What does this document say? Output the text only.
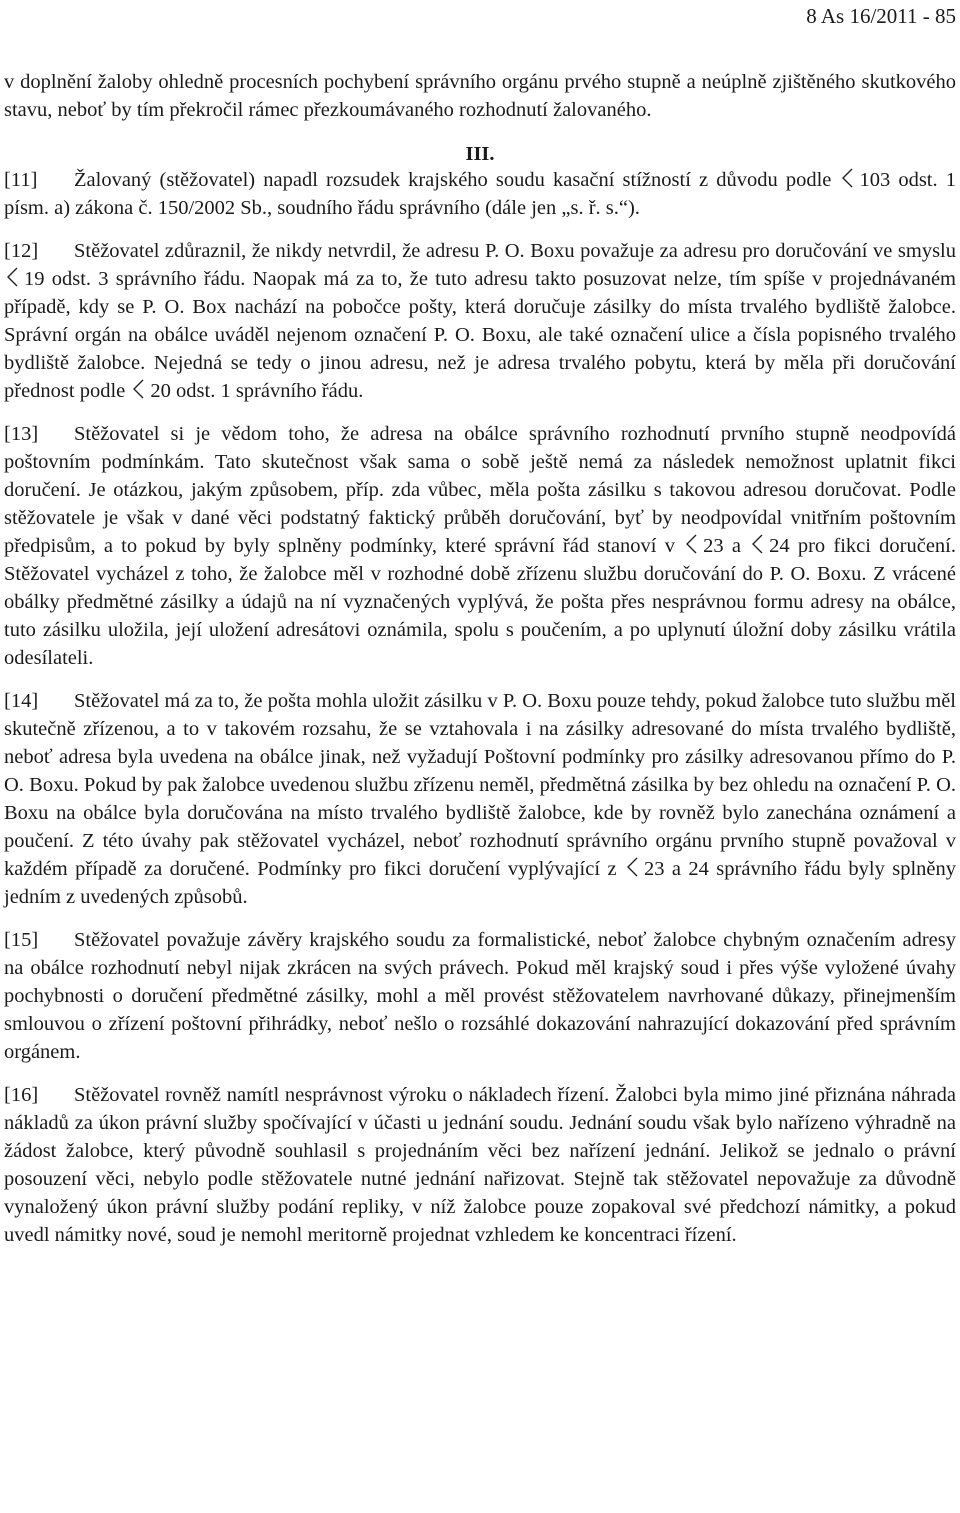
8 As 16/2011 - 85

v doplnění žaloby ohledně procesních pochybení správního orgánu prvého stupně a neúplně zjištěného skutkového stavu, neboť by tím překročil rámec přezkoumávaného rozhodnutí žalovaného.

III.

[11] Žalovaný (stěžovatel) napadl rozsudek krajského soudu kasační stížností z důvodu podle 103 odst. 1 písm. a) zákona č. 150/2002 Sb., soudního řádu správního (dále jen „s. ř. s.“).

[12] Stěžovatel zdůraznil, že nikdy netvrdil, že adresu P. O. Boxu považuje za adresu pro doručování ve smyslu
19 odst. 3 správního řádu. Naopak má za to, že tuto adresu takto posuzovat nelze, tím spíše v projednávaném případě, kdy se P. O. Box nachází na pobočce pošty, která doručuje zásilky do místa trvalého bydliště žalobce. Správní orgán na obálce uváděl nejenom označení P. O. Boxu, ale také označení ulice a čísla popisného trvalého bydliště žalobce. Nejedná se tedy o jinou adresu, než je adresa trvalého pobytu, která by měla při doručování přednost podle 20 odst. 1 správního řádu.

[13] Stěžovatel si je vědom toho, že adresa na obálce správního rozhodnutí prvního stupně neodpovídá poštovním podmínkám. Tato skutečnost však sama o sobě ještě nemá za následek nemožnost uplatnit fikci doručení. Je otázkou, jakým způsobem, příp. zda vůbec, měla pošta zásilku s takovou adresou doručovat. Podle stěžovatele je však v dané věci podstatný faktický průběh doručování, byť by neodpovídal vnitřním poštovním předpisům, a to pokud by byly splněny podmínky, které správní řád stanoví v 23 a 24 pro fikci doručení. Stěžovatel vycházel z toho, že žalobce měl v rozhodné době zřízenu službu doručování do P. O. Boxu. Z vrácené obálky předmětné zásilky a údajů na ní vyznačených vyplývá, že pošta přes nesprávnou formu adresy na obálce, tuto zásilku uložila, její uložení adresátovi oznámila, spolu s poučením, a po uplynutí úložní doby zásilku vrátila odesílateli.

[14] Stěžovatel má za to, že pošta mohla uložit zásilku v P. O. Boxu pouze tehdy, pokud žalobce tuto službu měl skutečně zřízenou, a to v takovém rozsahu, že se vztahovala i na zásilky adresované do místa trvalého bydliště, neboť adresa byla uvedena na obálce jinak, než vyžadují Poštovní podmínky pro zásilky adresovanou přímo do P. O. Boxu. Pokud by pak žalobce uvedenou službu zřízenu neměl, předmětná zásilka by bez ohledu na označení P. O. Boxu na obálce byla doručována na místo trvalého bydliště žalobce, kde by rovněž bylo zanechána oznámení a poučení. Z této úvahy pak stěžovatel vycházel, neboť rozhodnutí správního orgánu prvního stupně považoval v každém případě za doručené. Podmínky pro fikci doručení vyplývající z 23 a 24 správního řádu byly splněny jedním z uvedených způsobů.

[15] Stěžovatel považuje závěry krajského soudu za formalistické, neboť žalobce chybným označením adresy na obálce rozhodnutí nebyl nijak zkrácen na svých právech. Pokud měl krajský soud i přes výše vyložené úvahy pochybnosti o doručení předmětné zásilky, mohl a měl provést stěžovatelem navrhované důkazy, přinejmenším smlouvou o zřízení poštovní přihrádky, neboť nešlo o rozsáhlé dokazování nahrazující dokazování před správním orgánem.

[16] Stěžovatel rovněž namítl nesprávnost výroku o nákladech řízení. Žalobci byla mimo jiné přiznána náhrada nákladů za úkon právní služby spočívající v účasti u jednání soudu. Jednání soudu však bylo nařízeno výhradně na žádost žalobce, který původně souhlasil s projednáním věci bez nařízení jednání. Jelikož se jednalo o právní posouzení věci, nebylo podle stěžovatele nutné jednání nařizovat. Stejně tak stěžovatel nepovažuje za důvodně vynaložený úkon právní služby podání repliky, v níž žalobce pouze zopakoval své předchozí námitky, a pokud uvedl námitky nové, soud je nemohl meritorně projednat vzhledem ke koncentraci řízení.
